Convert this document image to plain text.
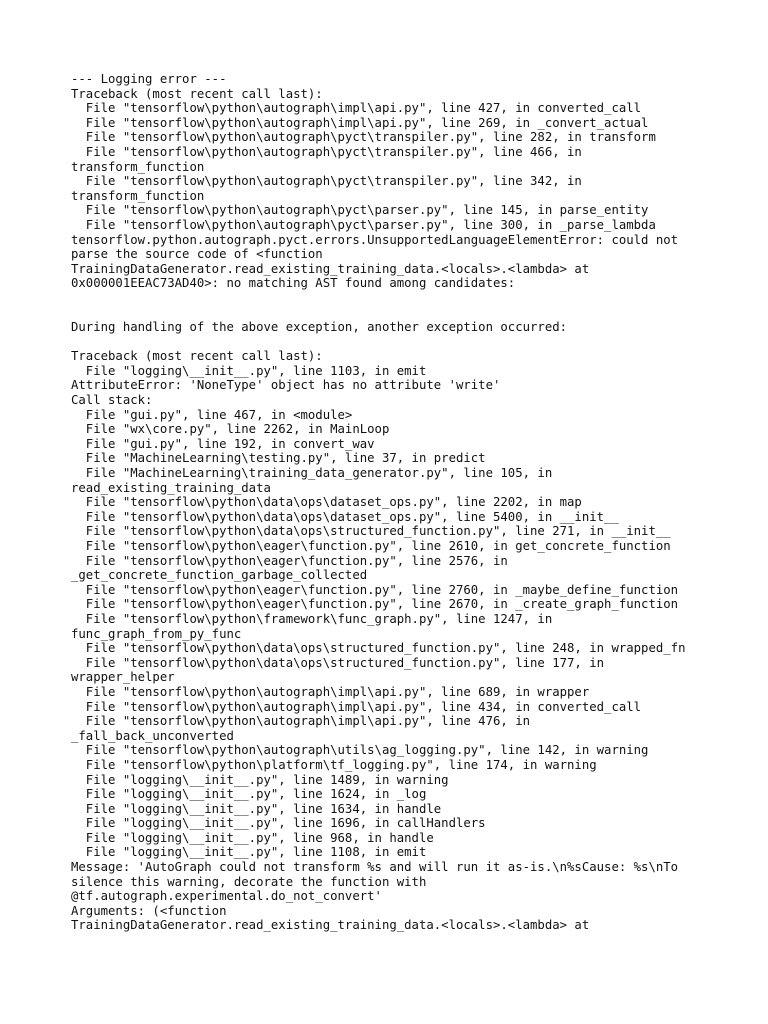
--- Logging error ---
Traceback (most recent call last):
File "tensorflow\python\autograph\impl\api.py", line 427, in converted_call
File "tensorflow\python\autograph\impl\api.py", line 269, in _convert_actual
File "tensorflow\python\autograph\pyct\transpiler.py", line 282, in transform
File "tensorflow\python\autograph\pyct\transpiler.py", line 466, in
transform_function
File "tensorflow\python\autograph\pyct\transpiler.py", line 342, in
transform_function
File "tensorflow\python\autograph\pyct\parser.py", line 145, in parse_entity
File "tensorflow\python\autograph\pyct\parser.py", line 300, in _parse_lambda
tensorflow.python.autograph.pyct.errors.UnsupportedLanguageElementError: could not
parse the source code of <function
TrainingDataGenerator.read_existing_training_data.<locals>.<lambda> at
0x000001EEAC73AD40>: no matching AST found among candidates:
During handling of the above exception, another exception occurred:
Traceback (most recent call last):
File "logging\__init__.py", line 1103, in emit
AttributeError: 'NoneType' object has no attribute 'write'
Call stack:
File "gui.py", line 467, in <module>
File "wx\core.py", line 2262, in MainLoop
File "gui.py", line 192, in convert_wav
File "MachineLearning\testing.py", line 37, in predict
File "MachineLearning\training_data_generator.py", line 105, in
read_existing_training_data
File "tensorflow\python\data\ops\dataset_ops.py", line 2202, in map
File "tensorflow\python\data\ops\dataset_ops.py", line 5400, in __init__
File "tensorflow\python\data\ops\structured_function.py", line 271, in __init__
File "tensorflow\python\eager\function.py", line 2610, in get_concrete_function
File "tensorflow\python\eager\function.py", line 2576, in
_get_concrete_function_garbage_collected
File "tensorflow\python\eager\function.py", line 2760, in _maybe_define_function
File "tensorflow\python\eager\function.py", line 2670, in _create_graph_function
File "tensorflow\python\framework\func_graph.py", line 1247, in
func_graph_from_py_func
File "tensorflow\python\data\ops\structured_function.py", line 248, in wrapped_fn
File "tensorflow\python\data\ops\structured_function.py", line 177, in
wrapper_helper
File "tensorflow\python\autograph\impl\api.py", line 689, in wrapper
File "tensorflow\python\autograph\impl\api.py", line 434, in converted_call
File "tensorflow\python\autograph\impl\api.py", line 476, in
_fall_back_unconverted
File "tensorflow\python\autograph\utils\ag_logging.py", line 142, in warning
File "tensorflow\python\platform\tf_logging.py", line 174, in warning
File "logging\__init__.py", line 1489, in warning
File "logging\__init__.py", line 1624, in _log
File "logging\__init__.py", line 1634, in handle
File "logging\__init__.py", line 1696, in callHandlers
File "logging\__init__.py", line 968, in handle
File "logging\__init__.py", line 1108, in emit
Message: 'AutoGraph could not transform %s and will run it as-is.\n%sCause: %s\nTo
silence this warning, decorate the function with
@tf.autograph.experimental.do_not_convert'
Arguments: (<function
TrainingDataGenerator.read_existing_training_data.<locals>.<lambda> at
